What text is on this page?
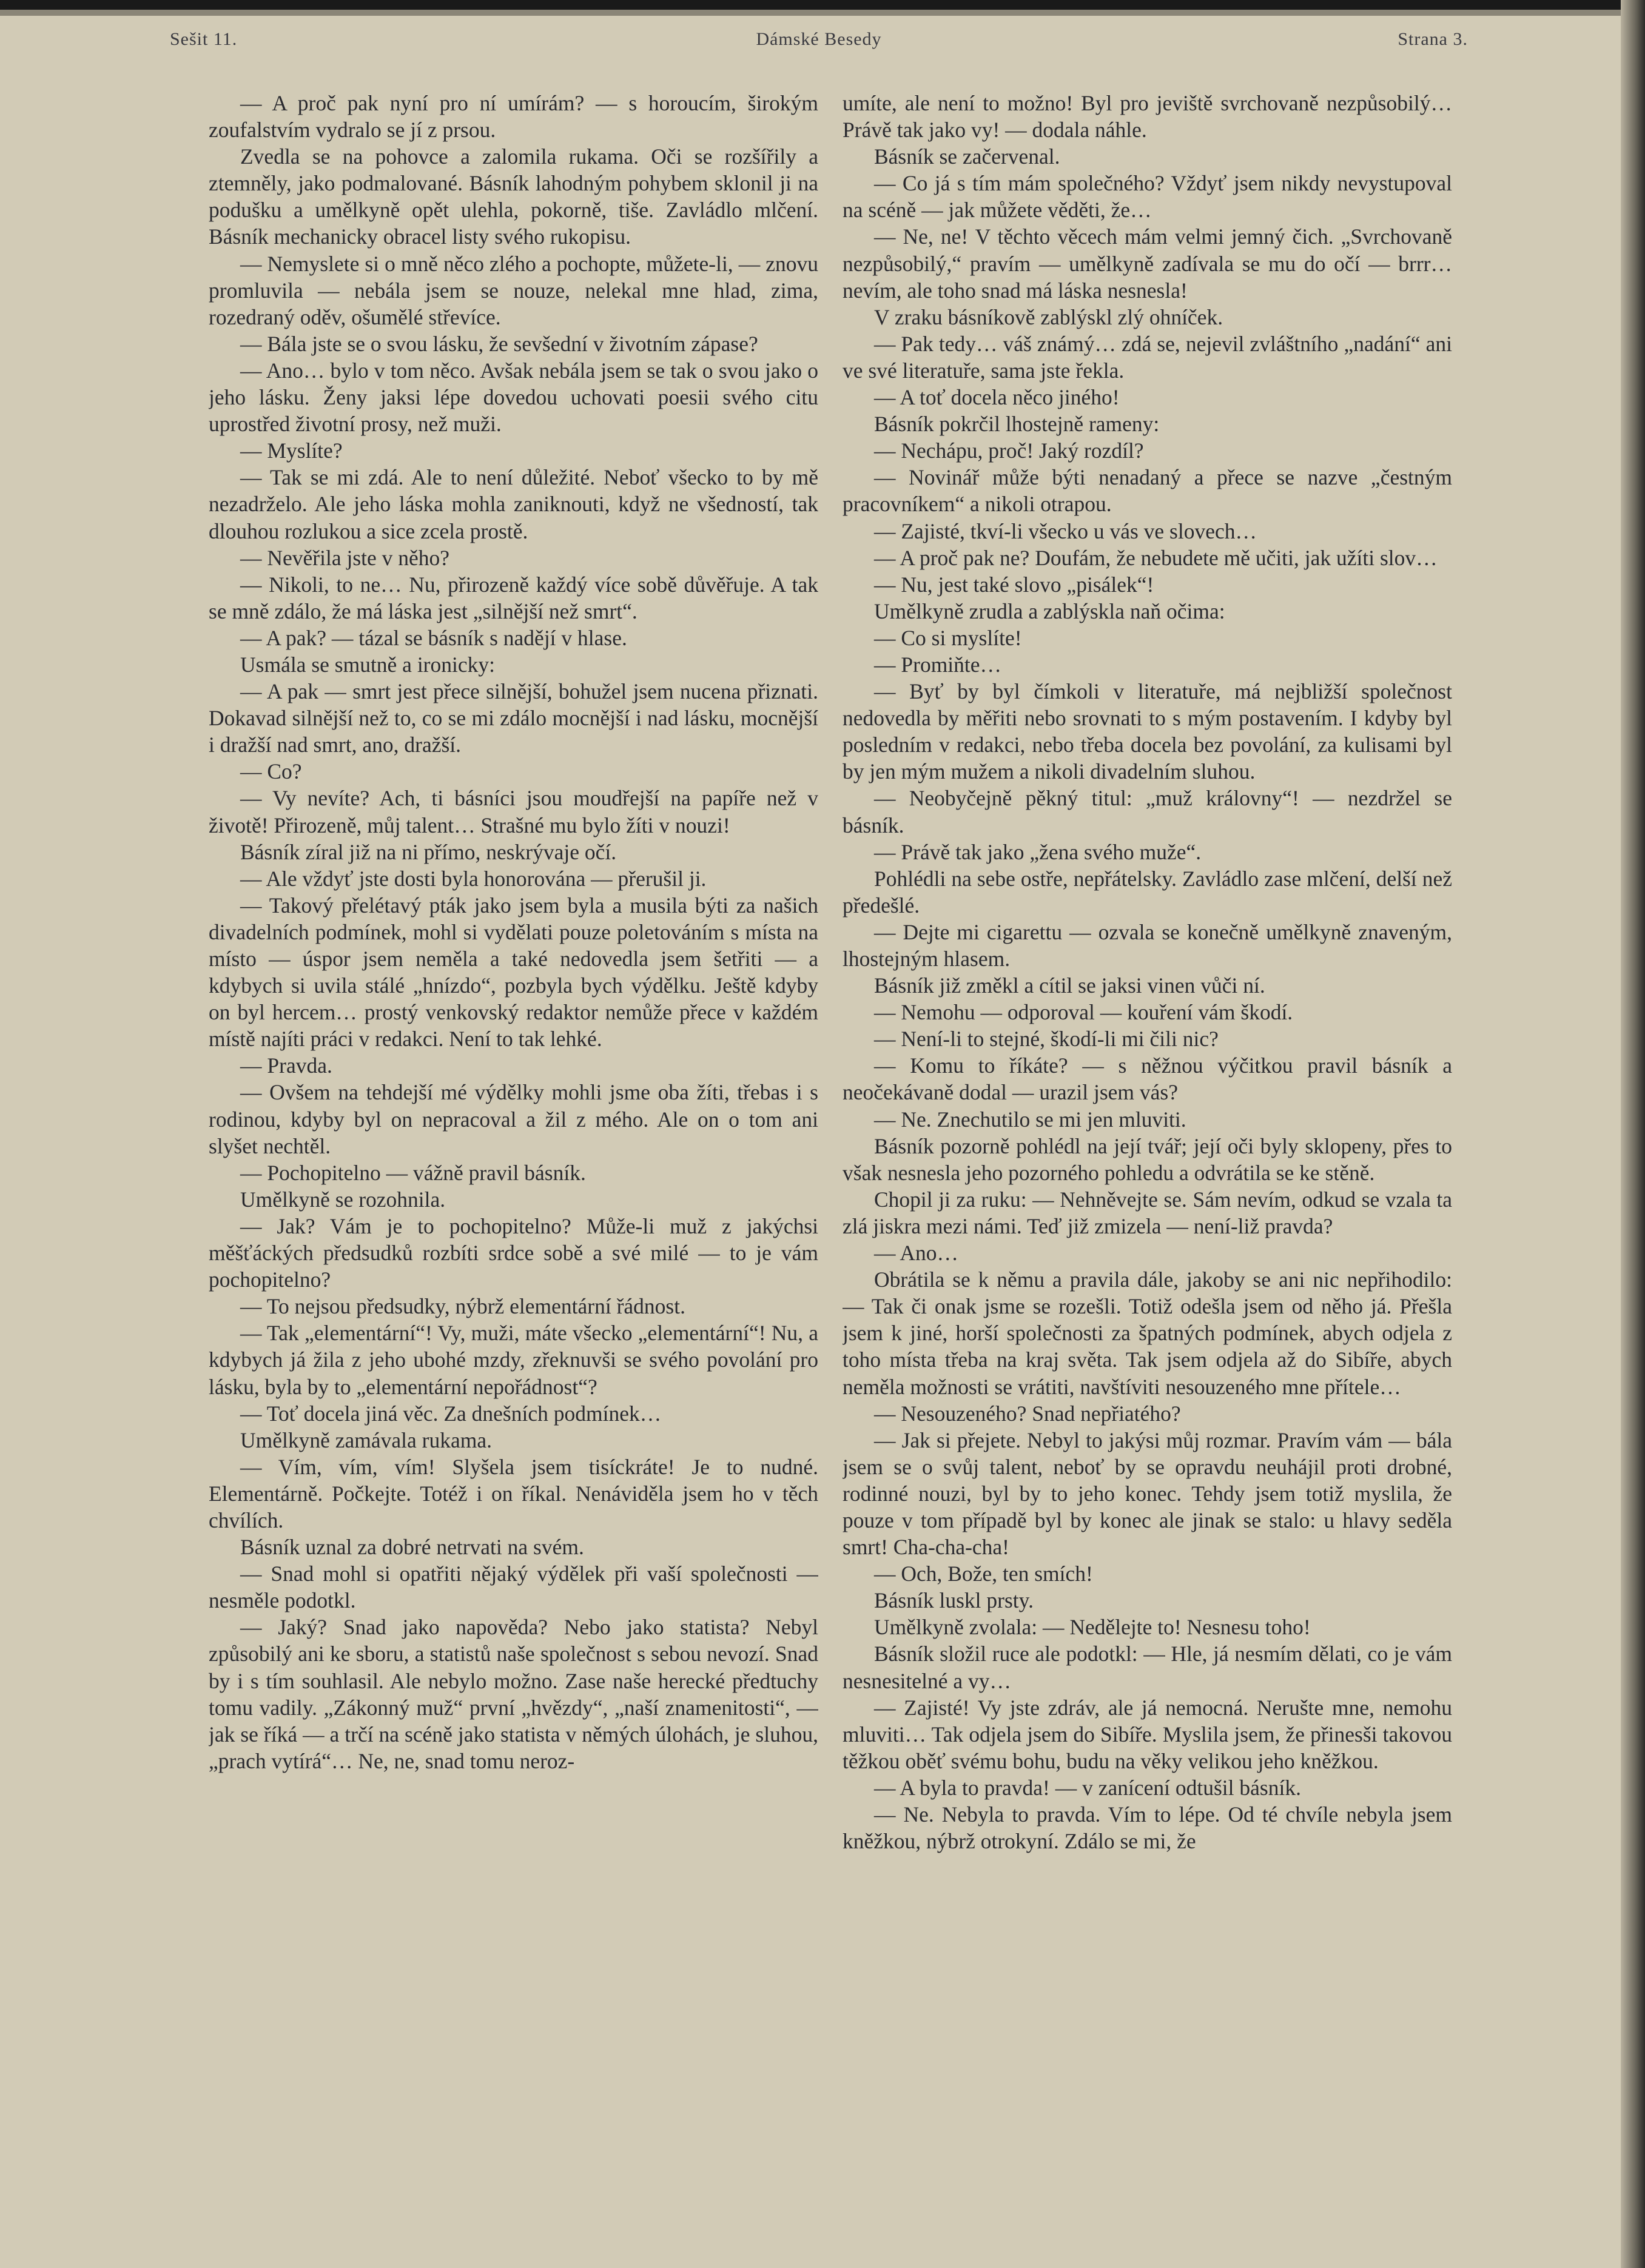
Sešit 11.	Dámské Besedy	Strana 3.

— A proč pak nyní pro ní umírám? — s horoucím, širokým zoufalstvím vydralo se jí z prsou.

Zvedla se na pohovce a zalomila rukama. Oči se rozšířily a ztemněly, jako podmalované. Básník lahodným pohybem sklonil ji na podušku a umělkyně opět ulehla, pokorně, tiše. Zavládlo mlčení. Básník mechanicky obracel listy svého rukopisu.

— Nemyslete si o mně něco zlého a pochopte, můžete-li, — znovu promluvila — nebála jsem se nouze, nelekal mne hlad, zima, rozedraný oděv, ošumělé střevíce.

— Bála jste se o svou lásku, že sevšední v životním zápase?

— Ano… bylo v tom něco. Avšak nebála jsem se tak o svou jako o jeho lásku. Ženy jaksi lépe dovedou uchovati poesii svého citu uprostřed životní prosy, než muži.

— Myslíte?

— Tak se mi zdá. Ale to není důležité. Neboť všecko to by mě nezadrželo. Ale jeho láska mohla zaniknouti, když ne všedností, tak dlouhou rozlukou a sice zcela prostě.

— Nevěřila jste v něho?

— Nikoli, to ne… Nu, přirozeně každý více sobě důvěřuje. A tak se mně zdálo, že má láska jest „silnější než smrt“.

— A pak? — tázal se básník s nadějí v hlase.

Usmála se smutně a ironicky:

— A pak — smrt jest přece silnější, bohužel jsem nucena přiznati. Dokavad silnější než to, co se mi zdálo mocnější i nad lásku, mocnější i dražší nad smrt, ano, dražší.

— Co?

— Vy nevíte? Ach, ti básníci jsou moudřejší na papíře než v životě! Přirozeně, můj talent… Strašné mu bylo žíti v nouzi!

Básník zíral již na ni přímo, neskrývaje očí.

— Ale vždyť jste dosti byla honorována — přerušil ji.

— Takový přelétavý pták jako jsem byla a musila býti za našich divadelních podmínek, mohl si vydělati pouze poletováním s místa na místo — úspor jsem neměla a také nedovedla jsem šetřiti — a kdybych si uvila stálé „hnízdo“, pozbyla bych výdělku. Ještě kdyby on byl hercem… prostý venkovský redaktor nemůže přece v každém místě najíti práci v redakci. Není to tak lehké.

— Pravda.

— Ovšem na tehdejší mé výdělky mohli jsme oba žíti, třebas i s rodinou, kdyby byl on nepracoval a žil z mého. Ale on o tom ani slyšet nechtěl.

— Pochopitelno — vážně pravil básník.

Umělkyně se rozohnila.

— Jak? Vám je to pochopitelno? Může-li muž z jakýchsi měšťáckých předsudků rozbíti srdce sobě a své milé — to je vám pochopitelno?

— To nejsou předsudky, nýbrž elementární řádnost.

— Tak „elementární“! Vy, muži, máte všecko „elementární“! Nu, a kdybych já žila z jeho ubohé mzdy, zřeknuvši se svého povolání pro lásku, byla by to „elementární nepořádnost“?

— Toť docela jiná věc. Za dnešních podmínek…

Umělkyně zamávala rukama.

— Vím, vím, vím! Slyšela jsem tisíckráte! Je to nudné. Elementárně. Počkejte. Totéž i on říkal. Nenáviděla jsem ho v těch chvílích.

Básník uznal za dobré netrvati na svém.

— Snad mohl si opatřiti nějaký výdělek při vaší společnosti — nesměle podotkl.

— Jaký? Snad jako napověda? Nebo jako statista? Nebyl způsobilý ani ke sboru, a statistů naše společnost s sebou nevozí. Snad by i s tím souhlasil. Ale nebylo možno. Zase naše herecké předtuchy tomu vadily. „Zákonný muž“ první „hvězdy“, „naší znamenitosti“, — jak se říká — a trčí na scéně jako statista v němých úlohách, je sluhou, „prach vytírá“… Ne, ne, snad tomu neroz-

umíte, ale není to možno! Byl pro jeviště svrchovaně nezpůsobilý… Právě tak jako vy! — dodala náhle.

Básník se začervenal.

— Co já s tím mám společného? Vždyť jsem nikdy nevystupoval na scéně — jak můžete věděti, že…

— Ne, ne! V těchto věcech mám velmi jemný čich. „Svrchovaně nezpůsobilý,“ pravím — umělkyně zadívala se mu do očí — brrr… nevím, ale toho snad má láska nesnesla!

V zraku básníkově zablýskl zlý ohníček.

— Pak tedy… váš známý… zdá se, nejevil zvláštního „nadání“ ani ve své literatuře, sama jste řekla.

— A toť docela něco jiného!

Básník pokrčil lhostejně rameny:

— Nechápu, proč! Jaký rozdíl?

— Novinář může býti nenadaný a přece se nazve „čestným pracovníkem“ a nikoli otrapou.

— Zajisté, tkví-li všecko u vás ve slovech…

— A proč pak ne? Doufám, že nebudete mě učiti, jak užíti slov…

— Nu, jest také slovo „pisálek“!

Umělkyně zrudla a zablýskla naň očima:

— Co si myslíte!

— Promiňte…

— Byť by byl čímkoli v literatuře, má nejbližší společnost nedovedla by měřiti nebo srovnati to s mým postavením. I kdyby byl posledním v redakci, nebo třeba docela bez povolání, za kulisami byl by jen mým mužem a nikoli divadelním sluhou.

— Neobyčejně pěkný titul: „muž královny“! — nezdržel se básník.

— Právě tak jako „žena svého muže“.

Pohlédli na sebe ostře, nepřátelsky. Zavládlo zase mlčení, delší než předešlé.

— Dejte mi cigarettu — ozvala se konečně umělkyně znaveným, lhostejným hlasem.

Básník již změkl a cítil se jaksi vinen vůči ní.

— Nemohu — odporoval — kouření vám škodí.

— Není-li to stejné, škodí-li mi čili nic?

— Komu to říkáte? — s něžnou výčitkou pravil básník a neočekávaně dodal — urazil jsem vás?

— Ne. Znechutilo se mi jen mluviti.

Básník pozorně pohlédl na její tvář; její oči byly sklopeny, přes to však nesnesla jeho pozorného pohledu a odvrátila se ke stěně.

Chopil ji za ruku: — Nehněvejte se. Sám nevím, odkud se vzala ta zlá jiskra mezi námi. Teď již zmizela — není-liž pravda?

— Ano…

Obrátila se k němu a pravila dále, jakoby se ani nic nepřihodilo: — Tak či onak jsme se rozešli. Totiž odešla jsem od něho já. Přešla jsem k jiné, horší společnosti za špatných podmínek, abych odjela z toho místa třeba na kraj světa. Tak jsem odjela až do Sibíře, abych neměla možnosti se vrátiti, navštíviti nesouzeného mne přítele…

— Nesouzeného? Snad nepřiatého?

— Jak si přejete. Nebyl to jakýsi můj rozmar. Pravím vám — bála jsem se o svůj talent, neboť by se opravdu neuhájil proti drobné, rodinné nouzi, byl by to jeho konec. Tehdy jsem totiž myslila, že pouze v tom případě byl by konec ale jinak se stalo: u hlavy seděla smrt! Cha-cha-cha!

— Och, Bože, ten smích!

Básník luskl prsty.

Umělkyně zvolala: — Nedělejte to! Nesnesu toho!

Básník složil ruce ale podotkl: — Hle, já nesmím dělati, co je vám nesnesitelné a vy…

— Zajisté! Vy jste zdráv, ale já nemocná. Nerušte mne, nemohu mluviti… Tak odjela jsem do Sibíře. Myslila jsem, že přinesši takovou těžkou oběť svému bohu, budu na věky velikou jeho kněžkou.

— A byla to pravda! — v zanícení odtušil básník.

— Ne. Nebyla to pravda. Vím to lépe. Od té chvíle nebyla jsem kněžkou, nýbrž otrokyní. Zdálo se mi, že
